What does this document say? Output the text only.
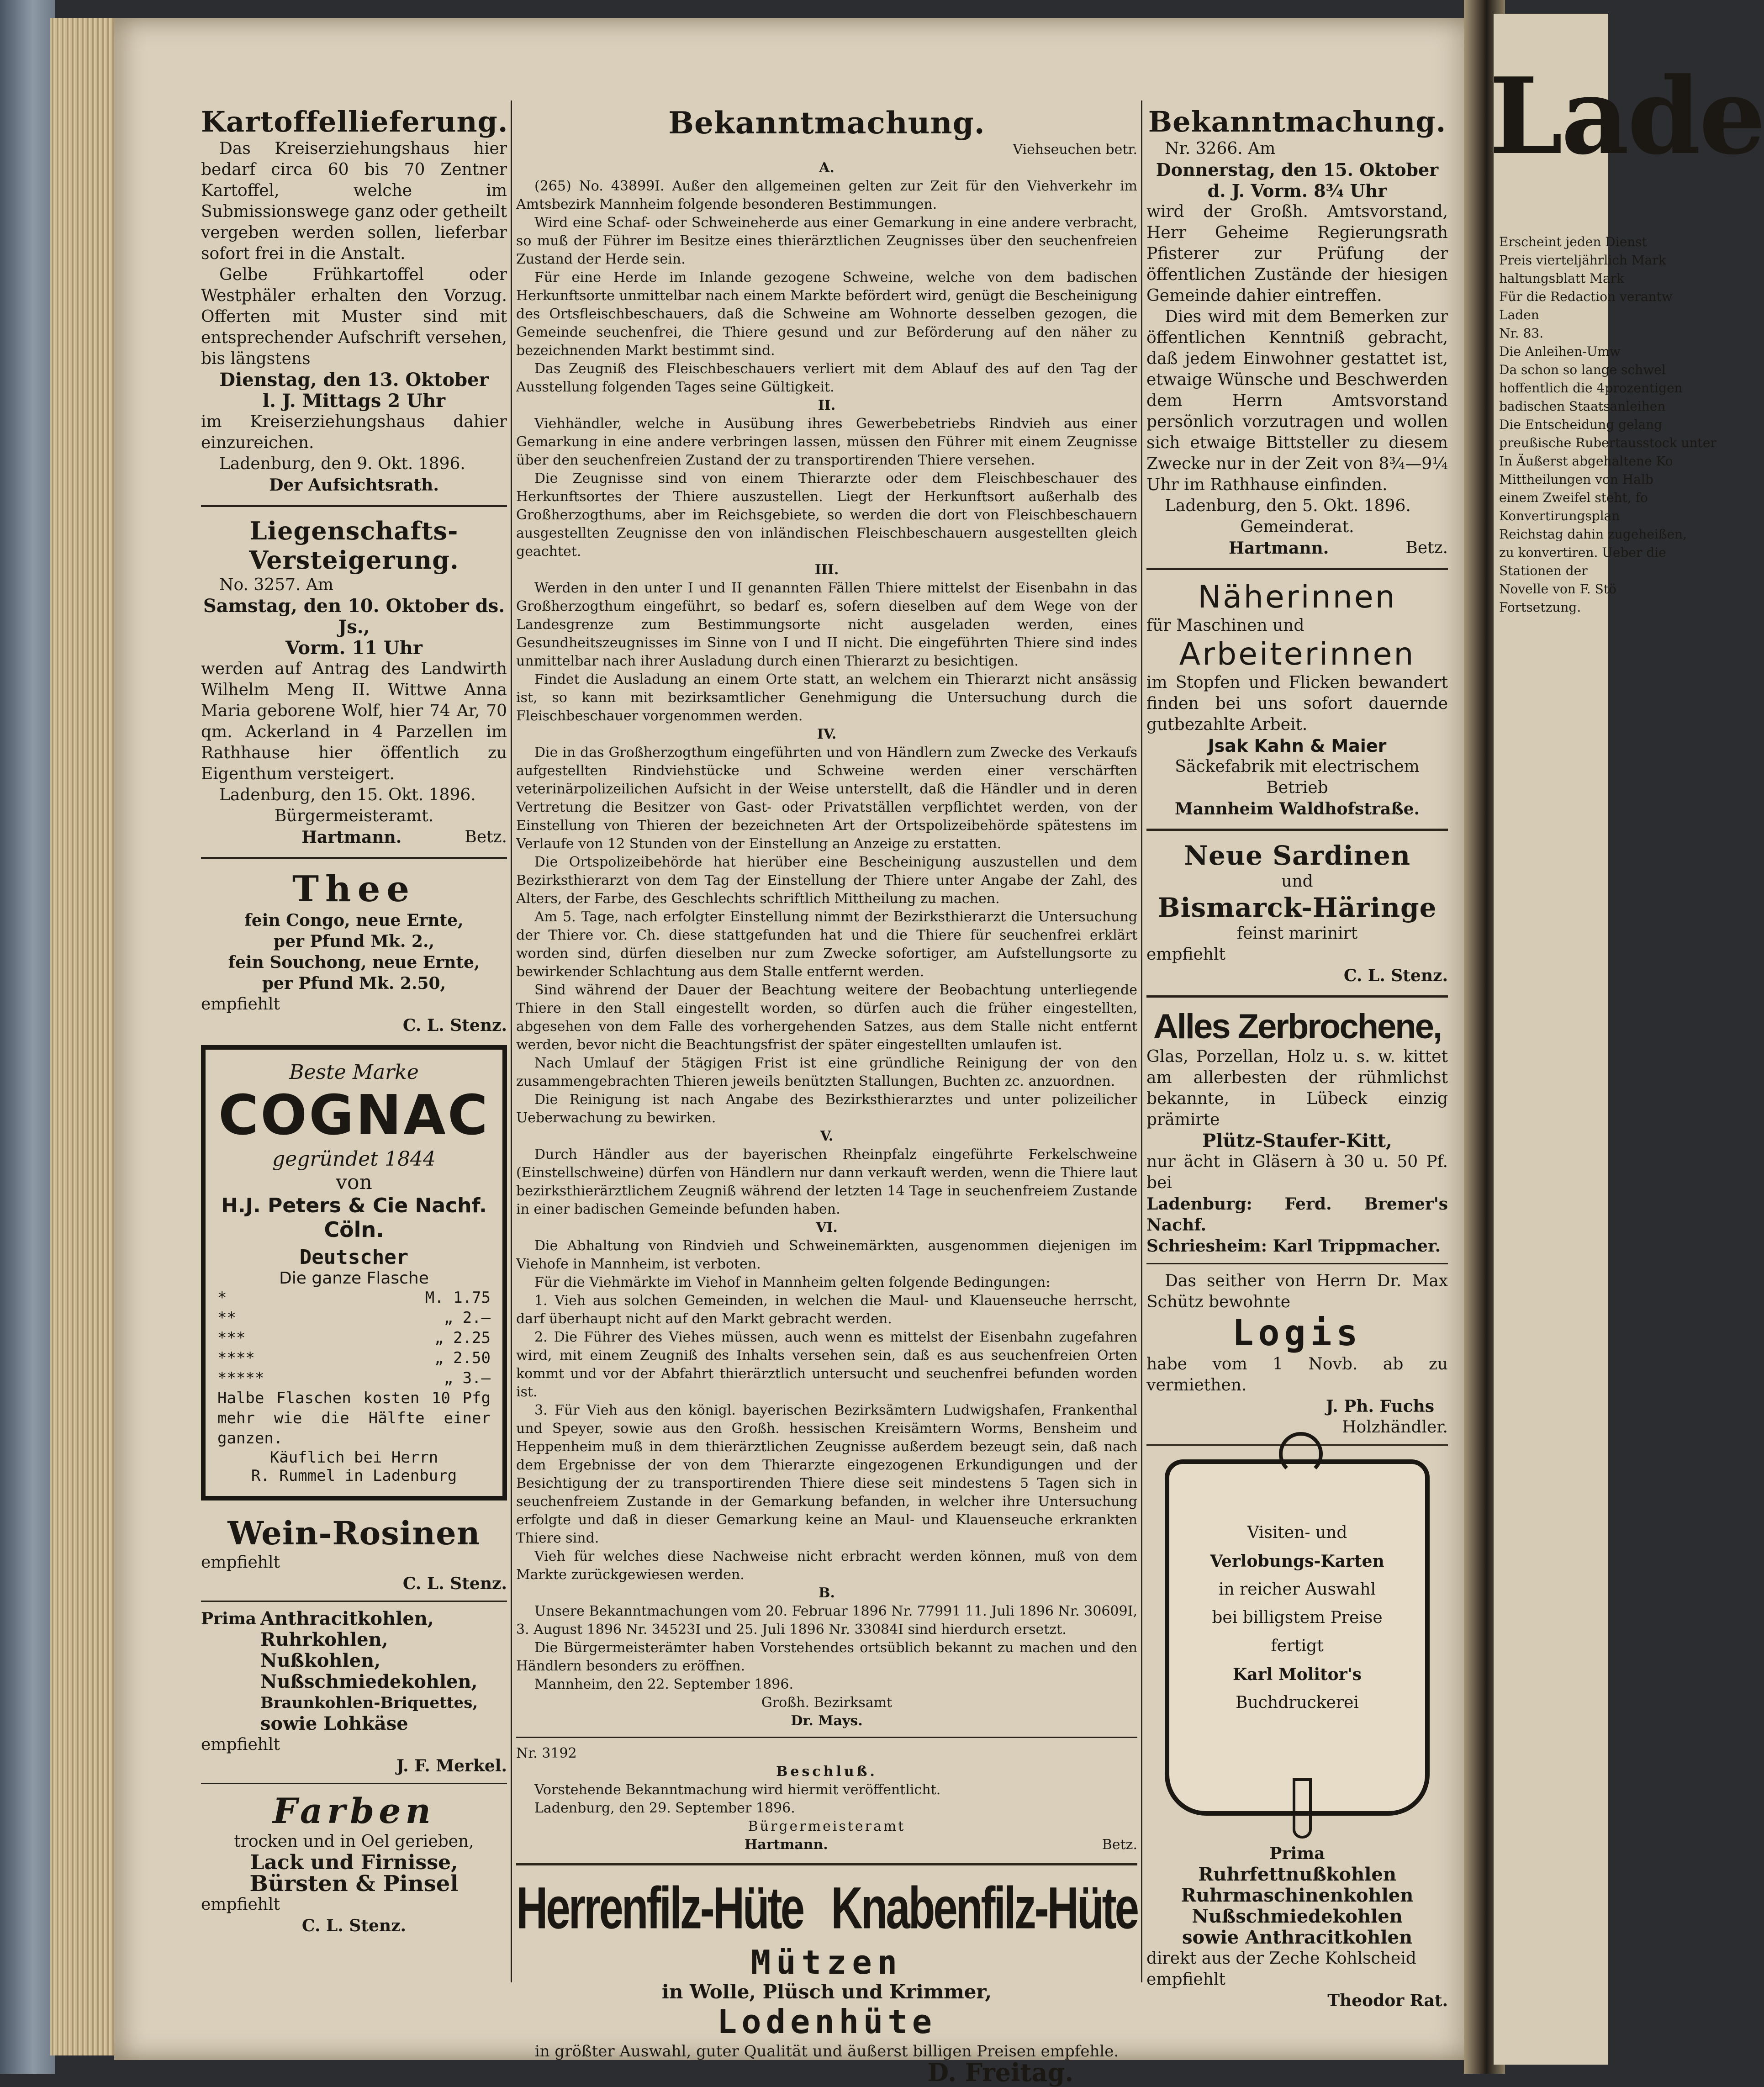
Kartoffellieferung.
Das Kreiserziehungshaus hier bedarf circa 60 bis 70 Zentner Kartoffel, welche im Submissionswege ganz oder getheilt vergeben werden sollen, lieferbar sofort frei in die Anstalt.
Gelbe Frühkartoffel oder Westphäler erhalten den Vorzug. Offerten mit Muster sind mit entsprechender Aufschrift versehen, bis längstens
Dienstag, den 13. Oktober
l. J. Mittags 2 Uhr
im Kreiserziehungshaus dahier einzureichen.
Ladenburg, den 9. Okt. 1896.
Der Aufsichtsrath.
Liegenschafts-Versteigerung.
No. 3257. Am
Samstag, den 10. Oktober ds. Js.,
Vorm. 11 Uhr
werden auf Antrag des Landwirth Wilhelm Meng II. Wittwe Anna Maria geborene Wolf, hier 74 Ar, 70 qm. Ackerland in 4 Parzellen im Rathhause hier öffentlich zu Eigenthum versteigert.
Ladenburg, den 15. Okt. 1896.
Bürgermeisteramt.
Hartmann.	Betz.
Thee
fein Congo, neue Ernte,
per Pfund Mk. 2.,
fein Souchong, neue Ernte,
per Pfund Mk. 2.50,
empfiehlt
C. L. Stenz.
Beste Marke
COGNAC
gegründet 1844
von
H.J. Peters & Cie Nachf.
Cöln.
Deutscher
Die ganze Flasche
*	M. 1.75
**	„ 2.—
***	„ 2.25
****	„ 2.50
*****	„ 3.—
Halbe Flaschen kosten 10 Pfg mehr wie die Hälfte einer ganzen.
Käuflich bei Herrn
R. Rummel in Ladenburg
Wein-Rosinen
empfiehlt
C. L. Stenz.
Prima Anthracitkohlen,
Ruhrkohlen,
Nußkohlen,
Nußschmiedekohlen,
Braunkohlen-Briquettes,
sowie Lohkäse
empfiehlt
J. F. Merkel.
Farben
trocken und in Oel gerieben,
Lack und Firnisse,
Bürsten & Pinsel
empfiehlt
C. L. Stenz.
Bekanntmachung.
Viehseuchen betr.
A.
(265) No. 43899I. Außer den allgemeinen gelten zur Zeit für den Viehverkehr im Amtsbezirk Mannheim folgende besonderen Bestimmungen.
Wird eine Schaf- oder Schweineherde aus einer Gemarkung in eine andere verbracht, so muß der Führer im Besitze eines thierärztlichen Zeugnisses über den seuchenfreien Zustand der Herde sein.
Für eine Herde im Inlande gezogene Schweine, welche von dem badischen Herkunftsorte unmittelbar nach einem Markte befördert wird, genügt die Bescheinigung des Ortsfleischbeschauers, daß die Schweine am Wohnorte desselben gezogen, die Gemeinde seuchenfrei, die Thiere gesund und zur Beförderung auf den näher zu bezeichnenden Markt bestimmt sind.
Das Zeugniß des Fleischbeschauers verliert mit dem Ablauf des auf den Tag der Ausstellung folgenden Tages seine Gültigkeit.
II.
Viehhändler, welche in Ausübung ihres Gewerbebetriebs Rindvieh aus einer Gemarkung in eine andere verbringen lassen, müssen den Führer mit einem Zeugnisse über den seuchenfreien Zustand der zu transportirenden Thiere versehen.
Die Zeugnisse sind von einem Thierarzte oder dem Fleischbeschauer des Herkunftsortes der Thiere auszustellen. Liegt der Herkunftsort außerhalb des Großherzogthums, aber im Reichsgebiete, so werden die dort von Fleischbeschauern ausgestellten Zeugnisse den von inländischen Fleischbeschauern ausgestellten gleich geachtet.
III.
Werden in den unter I und II genannten Fällen Thiere mittelst der Eisenbahn in das Großherzogthum eingeführt, so bedarf es, sofern dieselben auf dem Wege von der Landesgrenze zum Bestimmungsorte nicht ausgeladen werden, eines Gesundheitszeugnisses im Sinne von I und II nicht. Die eingeführten Thiere sind indes unmittelbar nach ihrer Ausladung durch einen Thierarzt zu besichtigen.
Findet die Ausladung an einem Orte statt, an welchem ein Thierarzt nicht ansässig ist, so kann mit bezirksamtlicher Genehmigung die Untersuchung durch die Fleischbeschauer vorgenommen werden.
IV.
Die in das Großherzogthum eingeführten und von Händlern zum Zwecke des Verkaufs aufgestellten Rindviehstücke und Schweine werden einer verschärften veterinärpolizeilichen Aufsicht in der Weise unterstellt, daß die Händler und in deren Vertretung die Besitzer von Gast- oder Privatställen verpflichtet werden, von der Einstellung von Thieren der bezeichneten Art der Ortspolizeibehörde spätestens im Verlaufe von 12 Stunden von der Einstellung an Anzeige zu erstatten.
Die Ortspolizeibehörde hat hierüber eine Bescheinigung auszustellen und dem Bezirksthierarzt von dem Tag der Einstellung der Thiere unter Angabe der Zahl, des Alters, der Farbe, des Geschlechts schriftlich Mittheilung zu machen.
Am 5. Tage, nach erfolgter Einstellung nimmt der Bezirksthierarzt die Untersuchung der Thiere vor. Ch. diese stattgefunden hat und die Thiere für seuchenfrei erklärt worden sind, dürfen dieselben nur zum Zwecke sofortiger, am Aufstellungsorte zu bewirkender Schlachtung aus dem Stalle entfernt werden.
Sind während der Dauer der Beachtung weitere der Beobachtung unterliegende Thiere in den Stall eingestellt worden, so dürfen auch die früher eingestellten, abgesehen von dem Falle des vorhergehenden Satzes, aus dem Stalle nicht entfernt werden, bevor nicht die Beachtungsfrist der später eingestellten umlaufen ist.
Nach Umlauf der 5tägigen Frist ist eine gründliche Reinigung der von den zusammengebrachten Thieren jeweils benützten Stallungen, Buchten zc. anzuordnen.
Die Reinigung ist nach Angabe des Bezirksthierarztes und unter polizeilicher Ueberwachung zu bewirken.
V.
Durch Händler aus der bayerischen Rheinpfalz eingeführte Ferkelschweine (Einstellschweine) dürfen von Händlern nur dann verkauft werden, wenn die Thiere laut bezirksthierärztlichem Zeugniß während der letzten 14 Tage in seuchenfreiem Zustande in einer badischen Gemeinde befunden haben.
VI.
Die Abhaltung von Rindvieh und Schweinemärkten, ausgenommen diejenigen im Viehofe in Mannheim, ist verboten.
Für die Viehmärkte im Viehof in Mannheim gelten folgende Bedingungen:
1. Vieh aus solchen Gemeinden, in welchen die Maul- und Klauenseuche herrscht, darf überhaupt nicht auf den Markt gebracht werden.
2. Die Führer des Viehes müssen, auch wenn es mittelst der Eisenbahn zugefahren wird, mit einem Zeugniß des Inhalts versehen sein, daß es aus seuchenfreien Orten kommt und vor der Abfahrt thierärztlich untersucht und seuchenfrei befunden worden ist.
3. Für Vieh aus den königl. bayerischen Bezirksämtern Ludwigshafen, Frankenthal und Speyer, sowie aus den Großh. hessischen Kreisämtern Worms, Bensheim und Heppenheim muß in dem thierärztlichen Zeugnisse außerdem bezeugt sein, daß nach dem Ergebnisse der von dem Thierarzte eingezogenen Erkundigungen und der Besichtigung der zu transportirenden Thiere diese seit mindestens 5 Tagen sich in seuchenfreiem Zustande in der Gemarkung befanden, in welcher ihre Untersuchung erfolgte und daß in dieser Gemarkung keine an Maul- und Klauenseuche erkrankten Thiere sind.
Vieh für welches diese Nachweise nicht erbracht werden können, muß von dem Markte zurückgewiesen werden.
B.
Unsere Bekanntmachungen vom 20. Februar 1896 Nr. 77991 11. Juli 1896 Nr. 30609I, 3. August 1896 Nr. 34523I und 25. Juli 1896 Nr. 33084I sind hierdurch ersetzt.
Die Bürgermeisterämter haben Vorstehendes ortsüblich bekannt zu machen und den Händlern besonders zu eröffnen.
Mannheim, den 22. September 1896.
Großh. Bezirksamt
Dr. Mays.
Nr. 3192
Beschluß.
Vorstehende Bekanntmachung wird hiermit veröffentlicht.
Ladenburg, den 29. September 1896.
Bürgermeisteramt
Hartmann.	Betz.
Herrenfilz-Hüte Knabenfilz-Hüte
Mützen
in Wolle, Plüsch und Krimmer,
Lodenhüte
in größter Auswahl, guter Qualität und äußerst billigen Preisen empfehle.
D. Freitag.
Bekanntmachung.
Nr. 3266. Am
Donnerstag, den 15. Oktober
d. J. Vorm. 8¾ Uhr
wird der Großh. Amtsvorstand, Herr Geheime Regierungsrath Pfisterer zur Prüfung der öffentlichen Zustände der hiesigen Gemeinde dahier eintreffen.
Dies wird mit dem Bemerken zur öffentlichen Kenntniß gebracht, daß jedem Einwohner gestattet ist, etwaige Wünsche und Beschwerden dem Herrn Amtsvorstand persönlich vorzutragen und wollen sich etwaige Bittsteller zu diesem Zwecke nur in der Zeit von 8¾—9¼ Uhr im Rathhause einfinden.
Ladenburg, den 5. Okt. 1896.
Gemeinderat.
Hartmann.	Betz.
Näherinnen
für Maschinen und
Arbeiterinnen
im Stopfen und Flicken bewandert finden bei uns sofort dauernde gutbezahlte Arbeit.
Jsak Kahn & Maier
Säckefabrik mit electrischem Betrieb
Mannheim Waldhofstraße.
Neue Sardinen
und
Bismarck-Häringe
feinst marinirt
empfiehlt
C. L. Stenz.
Alles Zerbrochene,
Glas, Porzellan, Holz u. s. w. kittet am allerbesten der rühmlichst bekannte, in Lübeck einzig prämirte
Plütz-Staufer-Kitt,
nur ächt in Gläsern à 30 u. 50 Pf. bei
Ladenburg: Ferd. Bremer's Nachf.
Schriesheim: Karl Trippmacher.
Das seither von Herrn Dr. Max Schütz bewohnte
Logis
habe vom 1 Novb. ab zu vermiethen.
J. Ph. Fuchs
Holzhändler.
Visiten- und
Verlobungs-Karten
in reicher Auswahl
bei billigstem Preise
fertigt
Karl Molitor's
Buchdruckerei
Prima
Ruhrfettnußkohlen
Ruhrmaschinenkohlen
Nußschmiedekohlen
sowie Anthracitkohlen
direkt aus der Zeche Kohlscheid
empfiehlt
Theodor Rat.
Lade
Erscheint jeden Dienst
Preis vierteljährlich Mark
haltungsblatt Mark
Für die Redaction verantw
Laden
Nr. 83.
Die Anleihen-Umw
Da schon so lange schwel
hoffentlich die 4prozentigen
badischen Staatsanleihen
Die Entscheidung gelang
preußische Rubertausstock unter
In Äußerst abgehaltene Ko
Mittheilungen von Halb
einem Zweifel steht, fo
Konvertirungsplan
Reichstag dahin zugeheißen,
zu konvertiren. Ueber die
Stationen der
Novelle von F. Stö
Fortsetzung.
